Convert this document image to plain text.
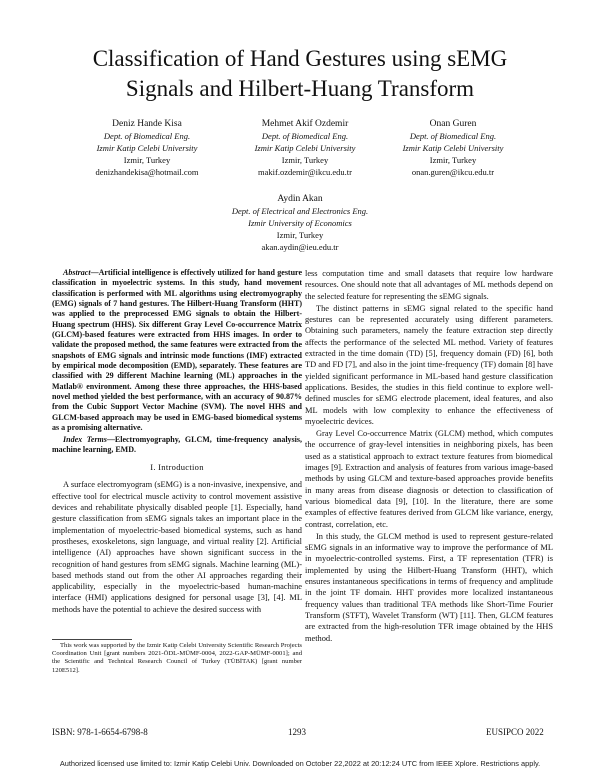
Classification of Hand Gestures using sEMG
Signals and Hilbert-Huang Transform
Deniz Hande Kisa
Dept. of Biomedical Eng.
Izmir Katip Celebi University
Izmir, Turkey
denizhandekisa@hotmail.com
Mehmet Akif Ozdemir
Dept. of Biomedical Eng.
Izmir Katip Celebi University
Izmir, Turkey
makif.ozdemir@ikcu.edu.tr
Onan Guren
Dept. of Biomedical Eng.
Izmir Katip Celebi University
Izmir, Turkey
onan.guren@ikcu.edu.tr
Aydin Akan
Dept. of Electrical and Electronics Eng.
Izmir University of Economics
Izmir, Turkey
akan.aydin@ieu.edu.tr

Abstract—Artificial intelligence is effectively utilized for hand gesture classification in myoelectric systems. In this study, hand movement classification is performed with ML algorithms using electromyography (EMG) signals of 7 hand gestures. The Hilbert-Huang Transform (HHT) was applied to the preprocessed EMG signals to obtain the Hilbert-Huang spectrum (HHS). Six different Gray Level Co-occurrence Matrix (GLCM)-based features were extracted from HHS images. In order to validate the proposed method, the same features were extracted from the snapshots of EMG signals and intrinsic mode functions (IMF) extracted by empirical mode decomposition (EMD), separately. These features are classified with 29 different Machine learning (ML) approaches in the Matlab® environment. Among these three approaches, the HHS-based novel method yielded the best performance, with an accuracy of 90.87% from the Cubic Support Vector Machine (SVM). The novel HHS and GLCM-based approach may be used in EMG-based biomedical systems as a promising alternative.

Index Terms—Electromyography, GLCM, time-frequency analysis, machine learning, EMD.

I. Introduction

A surface electromyogram (sEMG) is a non-invasive, inexpensive, and effective tool for electrical muscle activity to control movement assistive devices and rehabilitate physically disabled people [1]. Especially, hand gesture classification from sEMG signals takes an important place in the implementation of myoelectric-based biomedical systems, such as hand prostheses, exoskeletons, sign language, and virtual reality [2]. Artificial intelligence (AI) approaches have shown significant success in the recognition of hand gestures from sEMG signals. Machine learning (ML)-based methods stand out from the other AI approaches regarding their applicability, especially in the myoelectric-based human-machine interface (HMI) applications designed for personal usage [3], [4]. ML methods have the potential to achieve the desired success with

This work was supported by the Izmir Katip Celebi University Scientific Research Projects Coordination Unit [grant numbers 2021-ÖDL-MÜMF-0004, 2022-GAP-MÜMF-0001]; and the Scientific and Technical Research Council of Turkey (TÜBİTAK) [grant number 120E512].

less computation time and small datasets that require low hardware resources. One should note that all advantages of ML methods depend on the selected feature for representing the sEMG signals.

The distinct patterns in sEMG signal related to the specific hand gestures can be represented accurately using different parameters. Obtaining such parameters, namely the feature extraction step directly affects the performance of the selected ML method. Variety of features extracted in the time domain (TD) [5], frequency domain (FD) [6], both TD and FD [7], and also in the joint time-frequency (TF) domain [8] have yielded significant performance in ML-based hand gesture classification applications. Besides, the studies in this field continue to explore well-defined muscles for sEMG electrode placement, ideal features, and also ML models with low complexity to enhance the effectiveness of myoelectric devices.

Gray Level Co-occurrence Matrix (GLCM) method, which computes the occurrence of gray-level intensities in neighboring pixels, has been used as a statistical approach to extract texture features from biomedical images [9]. Extraction and analysis of features from various image-based methods by using GLCM and texture-based approaches provide benefits in many areas from disease diagnosis or detection to classification of various biomedical data [9], [10]. In the literature, there are some examples of effective features derived from GLCM like variance, energy, contrast, correlation, etc.

In this study, the GLCM method is used to represent gesture-related sEMG signals in an informative way to improve the performance of ML in myoelectric-controlled systems. First, a TF representation (TFR) is implemented by using the Hilbert-Huang Transform (HHT), which ensures instantaneous specifications in terms of frequency and amplitude in the joint TF domain. HHT provides more localized instantaneous frequency values than traditional TFA methods like Short-Time Fourier Transform (STFT), Wavelet Transform (WT) [11]. Then, GLCM features are extracted from the high-resolution TFR image obtained by the HHS method.

ISBN: 978-1-6654-6798-8	1293	EUSIPCO 2022
Authorized licensed use limited to: Izmir Katip Celebi Univ. Downloaded on October 22,2022 at 20:12:24 UTC from IEEE Xplore. Restrictions apply.
